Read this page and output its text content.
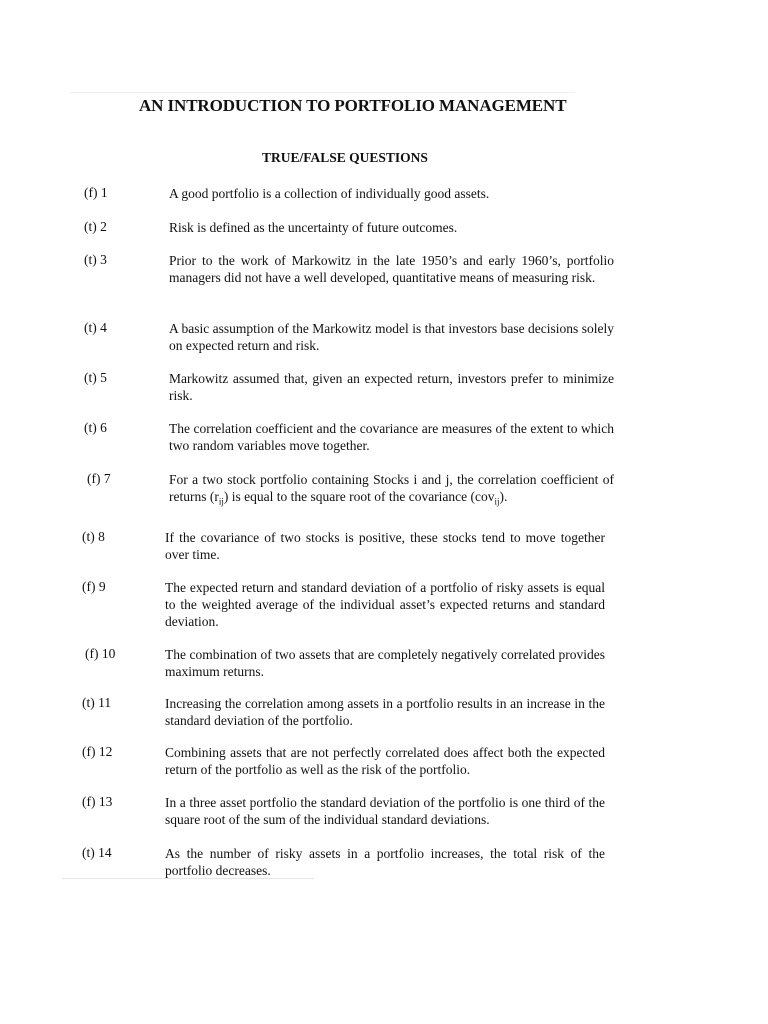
AN INTRODUCTION TO PORTFOLIO MANAGEMENT
TRUE/FALSE QUESTIONS
(f) 1	A good portfolio is a collection of individually good assets.
(t) 2	Risk is defined as the uncertainty of future outcomes.
(t) 3	Prior to the work of Markowitz in the late 1950’s and early 1960’s, portfolio managers did not have a well developed, quantitative means of measuring risk.
(t) 4	A basic assumption of the Markowitz model is that investors base decisions solely on expected return and risk.
(t) 5	Markowitz assumed that, given an expected return, investors prefer to minimize risk.
(t) 6	The correlation coefficient and the covariance are measures of the extent to which two random variables move together.
(f) 7	For a two stock portfolio containing Stocks i and j, the correlation coefficient of returns $(r_{ij})$ is equal to the square root of the covariance (cov$_{ij}$).
(t) 8	If the covariance of two stocks is positive, these stocks tend to move together over time.
(f) 9	The expected return and standard deviation of a portfolio of risky assets is equal to the weighted average of the individual asset’s expected returns and standard deviation.
(f) 10	The combination of two assets that are completely negatively correlated provides maximum returns.
(t) 11	Increasing the correlation among assets in a portfolio results in an increase in the standard deviation of the portfolio.
(f) 12	Combining assets that are not perfectly correlated does affect both the expected return of the portfolio as well as the risk of the portfolio.
(f) 13	In a three asset portfolio the standard deviation of the portfolio is one third of the square root of the sum of the individual standard deviations.
(t) 14	As the number of risky assets in a portfolio increases, the total risk of the portfolio decreases.
